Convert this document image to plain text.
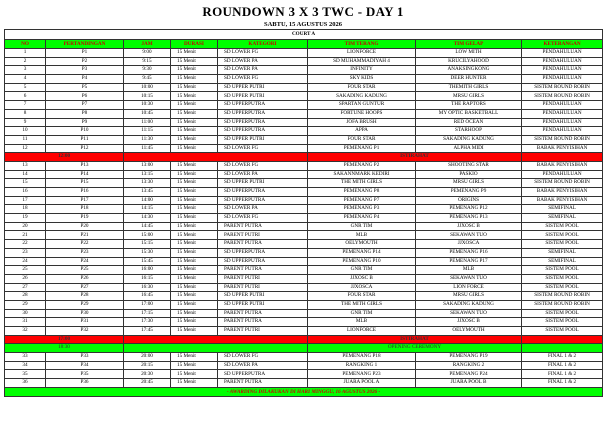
ROUNDOWN 3 X 3 TWC - DAY 1
SABTU, 15 AGUSTUS 2026
COURT A							
NO	PERTANDINGAN	JAM	DURASI	KATEGORI	TIM TERANG	TIM GELAP	KETERANGAN
1	P1	9:00	15 Menit	SD LOWER FG	LIONFORCE	LOW MITH	PENDAHULUAN
2	P2	9:15	15 Menit	SD LOWER PA	SD MUHAMMADIYAH 4	KRUCILYAHOOD	PENDAHULUAN
3	P3	9:30	15 Menit	SD LOWER PA	INFINITY	ANAKSINGKONG	PENDAHULUAN
4	P4	9:45	15 Menit	SD LOWER FG	SKY KIDS	DEER HUNTER	PENDAHULUAN
5	P5	10:00	15 Menit	SD UPPER PUTRI	FOUR STAR	THEMITH GIRLS	SISTEM ROUND ROBIN
6	P6	10:15	15 Menit	SD UPPER PUTRI	SAKADING KADUNG	MRSU GIRLS	SISTEM ROUND ROBIN
7	P7	10:30	15 Menit	SD UPPERPUTRA	SPARTAN GUNTUR	THE RAPTORS	PENDAHULUAN
8	P8	10:45	15 Menit	SD UPPERPUTRA	FORTUNE HOOPS	MY OPTIC BASKETBALL	PENDAHULUAN
9	P9	11:00	15 Menit	SD UPPERPUTRA	JOFA BRUSH	RED OCEAN	PENDAHULUAN
10	P10	11:15	15 Menit	SD UPPERPUTRA	APPA	STARHOOP	PENDAHULUAN
11	P11	11:30	15 Menit	SD UPPER PUTRI	FOUR STAR	SAKADING KADUNG	SISTEM ROUND ROBIN
12	P12	11:45	15 Menit	SD LOWER FG	PEMENANG P1	ALPHA MIDI	BABAK PENYISIHAN
12:00					ISTIRAHAT		
13	P13	13:00	15 Menit	SD LOWER FG	PEMENANG P2	SHOOTING STAR	BABAK PENYISIHAN
14	P14	13:15	15 Menit	SD LOWER PA	SAKANNMARK KEDIRI	PASKIO	PENDAHULUAN
15	P15	13:30	15 Menit	SD UPPER PUTRI	THE MITH GIRLS	MRSU GIRLS	SISTEM ROUND ROBIN
16	P16	13:45	15 Menit	SD UPPERPUTRA	PEMENANG P8	PEMENANG P9	BABAK PENYISIHAN
17	P17	14:00	15 Menit	SD UPPERPUTRA	PEMENANG P7	ORIGINS	BABAK PENYISIHAN
18	P18	14:15	15 Menit	SD LOWER PA	PEMENANG P3	PEMENANG P12	SEMIFINAL
19	P19	14:30	15 Menit	SD LOWER FG	PEMENANG P4	PEMENANG P13	SEMIFINAL
20	P20	14:45	15 Menit	PARENT PUTRA	GNR TIM	JJXOSC B	SISTEM POOL
21	P21	15:00	15 Menit	PARENT PUTRI	MLB	SEKAWAN TUO	SISTEM POOL
22	P22	15:15	15 Menit	PARENT PUTRA	OELYMOUTH	JJXOSCA	SISTEM POOL
23	P23	15:30	15 Menit	SD UPPERPUTRA	PEMENANG P14	PEMENANG P16	SEMIFINAL
24	P24	15:45	15 Menit	SD UPPERPUTRA	PEMENANG P10	PEMENANG P17	SEMIFINAL
25	P25	16:00	15 Menit	PARENT PUTRA	GNR TIM	MLB	SISTEM POOL
26	P26	16:15	15 Menit	PARENT PUTRI	JJXOSC B	SEKAWAN TUO	SISTEM POOL
27	P27	16:30	15 Menit	PARENT PUTRI	JJXOSCA	LION FORCE	SISTEM POOL
28	P28	16:45	15 Menit	SD UPPER PUTRI	FOUR STAR	MRSU GIRLS	SISTEM ROUND ROBIN
29	P29	17:00	15 Menit	SD UPPER PUTRI	THE MITH GIRLS	SAKADING KADUNG	SISTEM ROUND ROBIN
30	P30	17:15	15 Menit	PARENT PUTRA	GNR TIM	SEKAWAN TUO	SISTEM POOL
31	P31	17:30	15 Menit	PARENT PUTRA	MLB	JJXOSC B	SISTEM POOL
32	P32	17:45	15 Menit	PARENT PUTRI	LIONFORCE	OELYMOUTH	SISTEM POOL
17:00					ISTIRAHAT		
18:30					OPENING CEREMONY		
33	P33	20:00	15 Menit	SD LOWER FG	PEMENANG P18	PEMENANG P19	FINAL 1 & 2
34	P34	20:15	15 Menit	SD LOWER PA	RANGKING 1	RANGKING 2	FINAL 1 & 2
35	P35	20:30	15 Menit	SD UPPERPUTRA	PEMENANG P23	PEMENANG P24	FINAL 1 & 2
36	P36	20:45	15 Menit	PARENT PUTRA	JUARA POOL A	JUARA POOL B	FINAL 1 & 2
- AWARDING DILAKUKAN DI HARI MINGGU, 16 AGUSTUS 2026 -							
